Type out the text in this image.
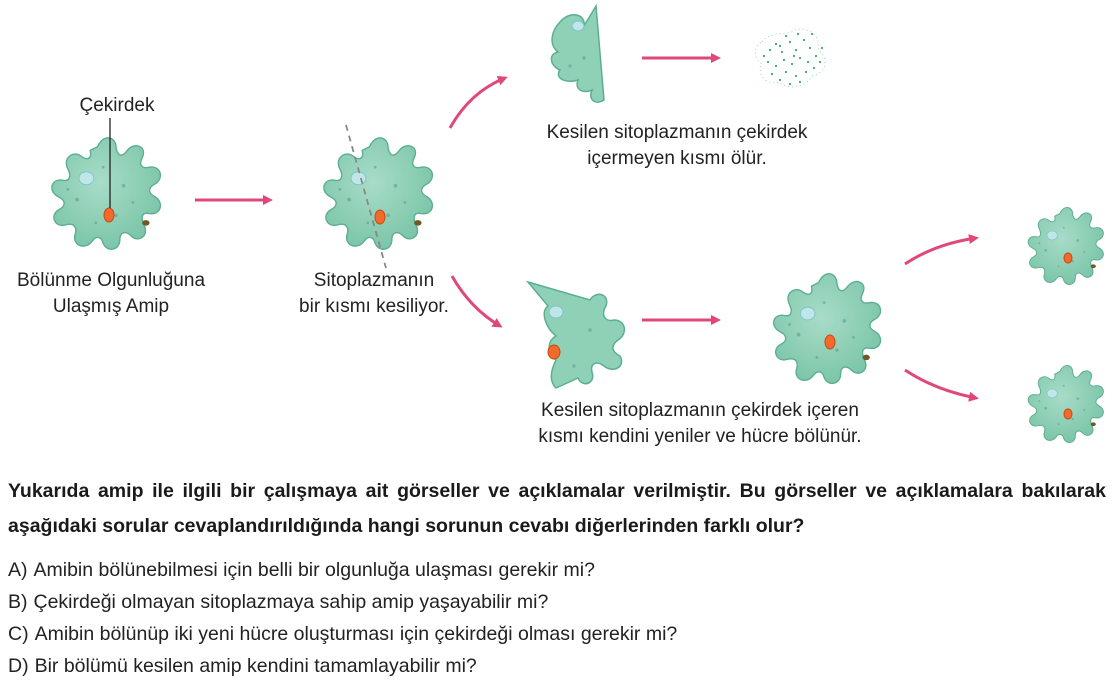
Çekirdek
Bölünme Olgunluğuna
Ulaşmış Amip
Sitoplazmanın
bir kısmı kesiliyor.
Kesilen sitoplazmanın çekirdek
içermeyen kısmı ölür.
Kesilen sitoplazmanın çekirdek içeren
kısmı kendini yeniler ve hücre bölünür.
Yukarıda amip ile ilgili bir çalışmaya ait görseller ve açıklamalar verilmiştir. Bu görseller ve açıklamalara bakılarak aşağıdaki sorular cevaplandırıldığında hangi sorunun cevabı diğerlerinden farklı olur?
A) Amibin bölünebilmesi için belli bir olgunluğa ulaşması gerekir mi?
B) Çekirdeği olmayan sitoplazmaya sahip amip yaşayabilir mi?
C) Amibin bölünüp iki yeni hücre oluşturması için çekirdeği olması gerekir mi?
D) Bir bölümü kesilen amip kendini tamamlayabilir mi?
